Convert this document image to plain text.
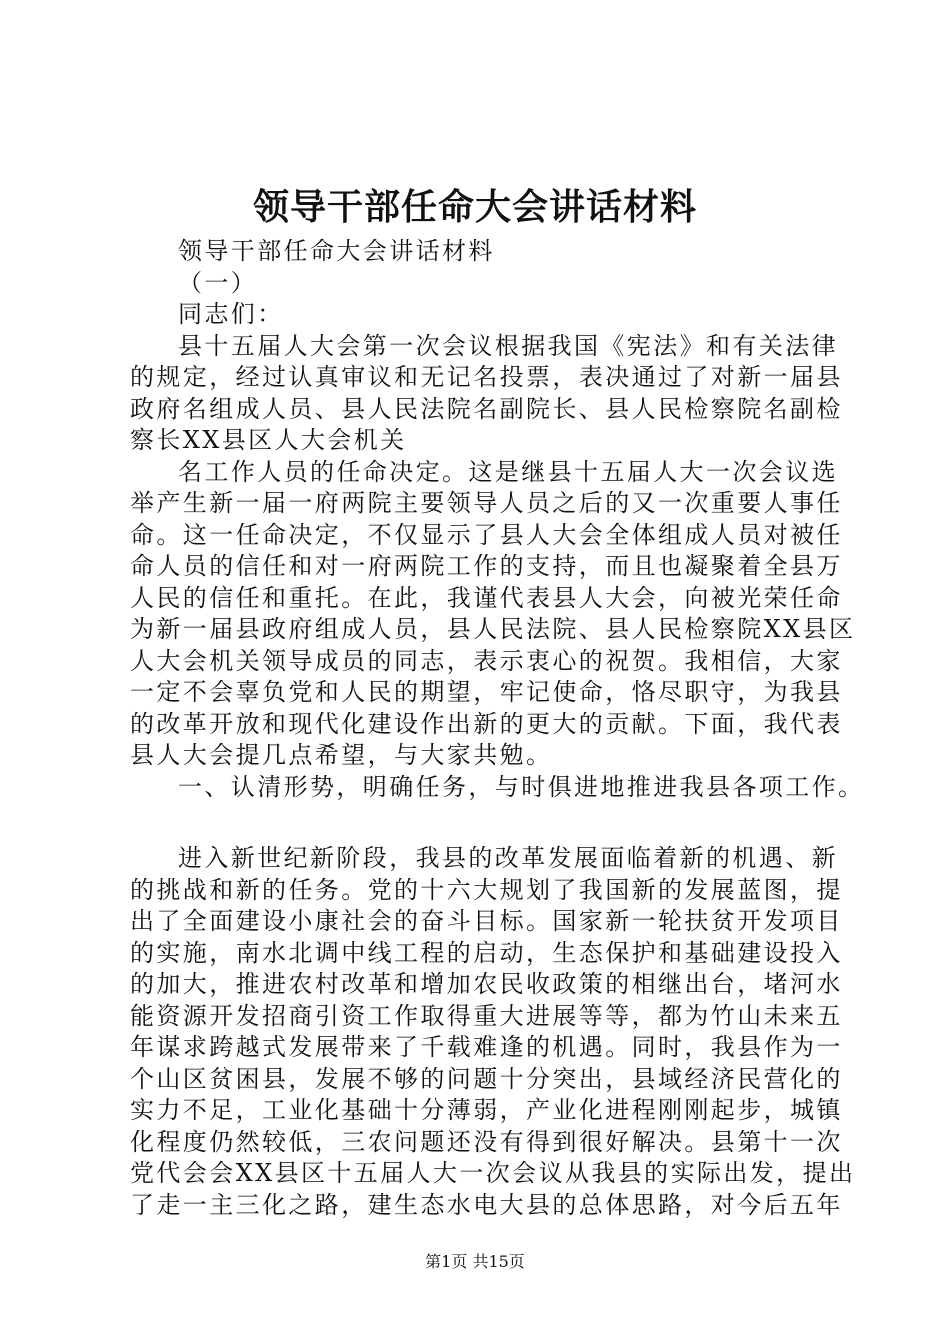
领导干部任命大会讲话材料
领导干部任命大会讲话材料
（一）
同志们：
县十五届人大会第一次会议根据我国《宪法》和有关法律
的规定，经过认真审议和无记名投票，表决通过了对新一届县
政府名组成人员、县人民法院名副院长、县人民检察院名副检
察长XX县区人大会机关
名工作人员的任命决定。这是继县十五届人大一次会议选
举产生新一届一府两院主要领导人员之后的又一次重要人事任
命。这一任命决定，不仅显示了县人大会全体组成人员对被任
命人员的信任和对一府两院工作的支持，而且也凝聚着全县万
人民的信任和重托。在此，我谨代表县人大会，向被光荣任命
为新一届县政府组成人员，县人民法院、县人民检察院XX县区
人大会机关领导成员的同志，表示衷心的祝贺。我相信，大家
一定不会辜负党和人民的期望，牢记使命，恪尽职守，为我县
的改革开放和现代化建设作出新的更大的贡献。下面，我代表
县人大会提几点希望，与大家共勉。
一、认清形势，明确任务，与时俱进地推进我县各项工作。
进入新世纪新阶段，我县的改革发展面临着新的机遇、新
的挑战和新的任务。党的十六大规划了我国新的发展蓝图，提
出了全面建设小康社会的奋斗目标。国家新一轮扶贫开发项目
的实施，南水北调中线工程的启动，生态保护和基础建设投入
的加大，推进农村改革和增加农民收政策的相继出台，堵河水
能资源开发招商引资工作取得重大进展等等，都为竹山未来五
年谋求跨越式发展带来了千载难逢的机遇。同时，我县作为一
个山区贫困县，发展不够的问题十分突出，县域经济民营化的
实力不足，工业化基础十分薄弱，产业化进程刚刚起步，城镇
化程度仍然较低，三农问题还没有得到很好解决。县第十一次
党代会会XX县区十五届人大一次会议从我县的实际出发，提出
了走一主三化之路，建生态水电大县的总体思路，对今后五年
第1页 共15页
